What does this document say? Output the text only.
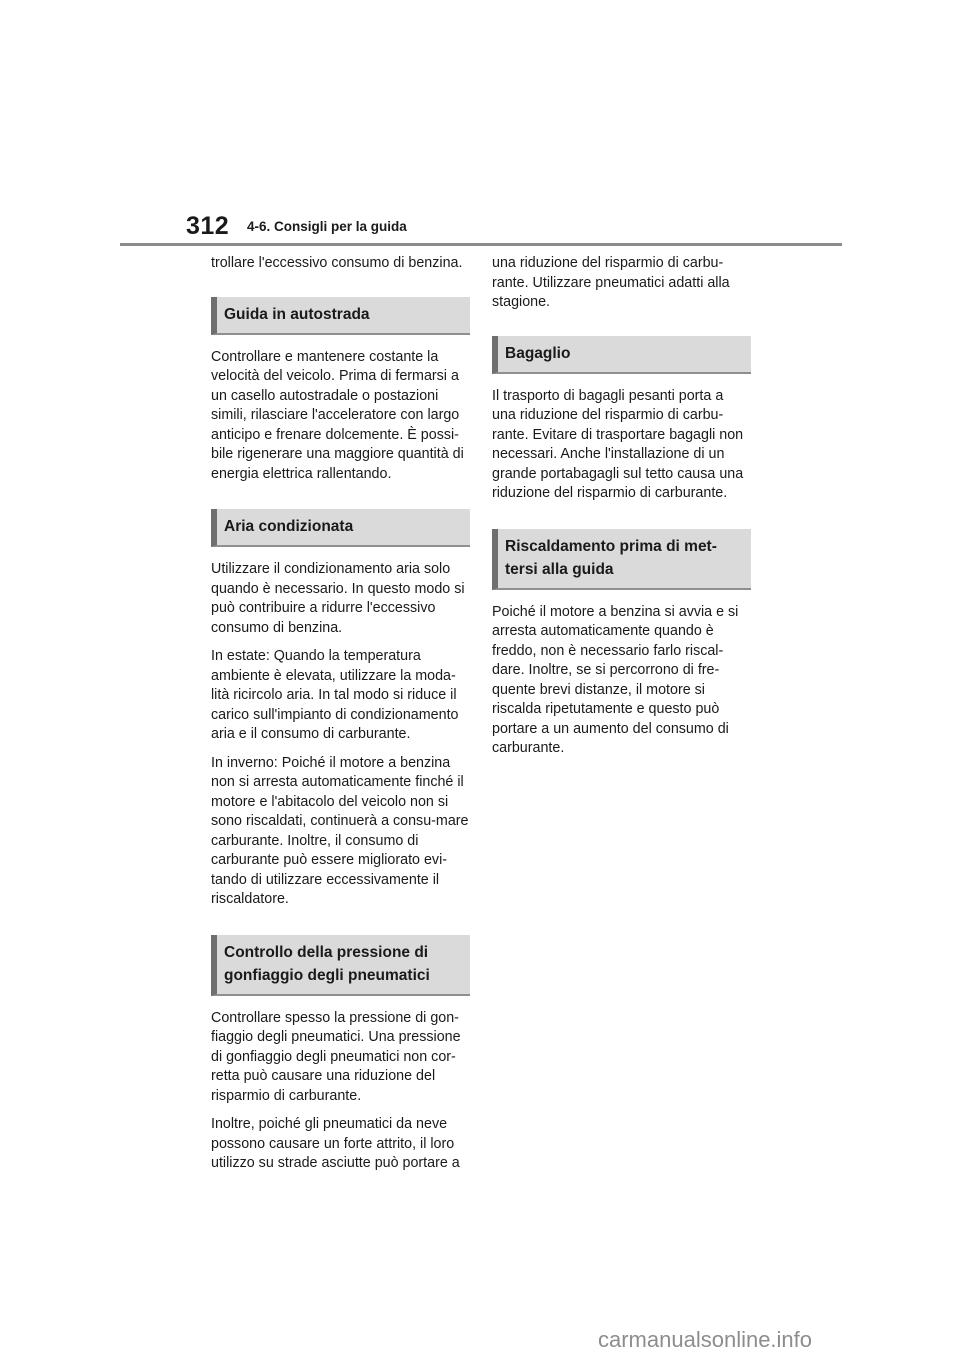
312 4-6. Consigli per la guida

trollare l'eccessivo consumo di benzina.

Guida in autostrada

Controllare e mantenere costante la velocità del veicolo. Prima di fermarsi a un casello autostradale o postazioni simili, rilasciare l'acceleratore con largo anticipo e frenare dolcemente. È possi-bile rigenerare una maggiore quantità di energia elettrica rallentando.

Aria condizionata

Utilizzare il condizionamento aria solo quando è necessario. In questo modo si può contribuire a ridurre l'eccessivo consumo di benzina.

In estate: Quando la temperatura ambiente è elevata, utilizzare la moda-lità ricircolo aria. In tal modo si riduce il carico sull'impianto di condizionamento aria e il consumo di carburante.

In inverno: Poiché il motore a benzina non si arresta automaticamente finché il motore e l'abitacolo del veicolo non si sono riscaldati, continuerà a consu-mare carburante. Inoltre, il consumo di carburante può essere migliorato evi-tando di utilizzare eccessivamente il riscaldatore.

Controllo della pressione di gonfiaggio degli pneumatici

Controllare spesso la pressione di gon-fiaggio degli pneumatici. Una pressione di gonfiaggio degli pneumatici non cor-retta può causare una riduzione del risparmio di carburante.

Inoltre, poiché gli pneumatici da neve possono causare un forte attrito, il loro utilizzo su strade asciutte può portare a

una riduzione del risparmio di carbu-rante. Utilizzare pneumatici adatti alla stagione.

Bagaglio

Il trasporto di bagagli pesanti porta a una riduzione del risparmio di carbu-rante. Evitare di trasportare bagagli non necessari. Anche l'installazione di un grande portabagagli sul tetto causa una riduzione del risparmio di carburante.

Riscaldamento prima di met-tersi alla guida

Poiché il motore a benzina si avvia e si arresta automaticamente quando è freddo, non è necessario farlo riscal-dare. Inoltre, se si percorrono di fre-quente brevi distanze, il motore si riscalda ripetutamente e questo può portare a un aumento del consumo di carburante.

carmanualsonline.info
